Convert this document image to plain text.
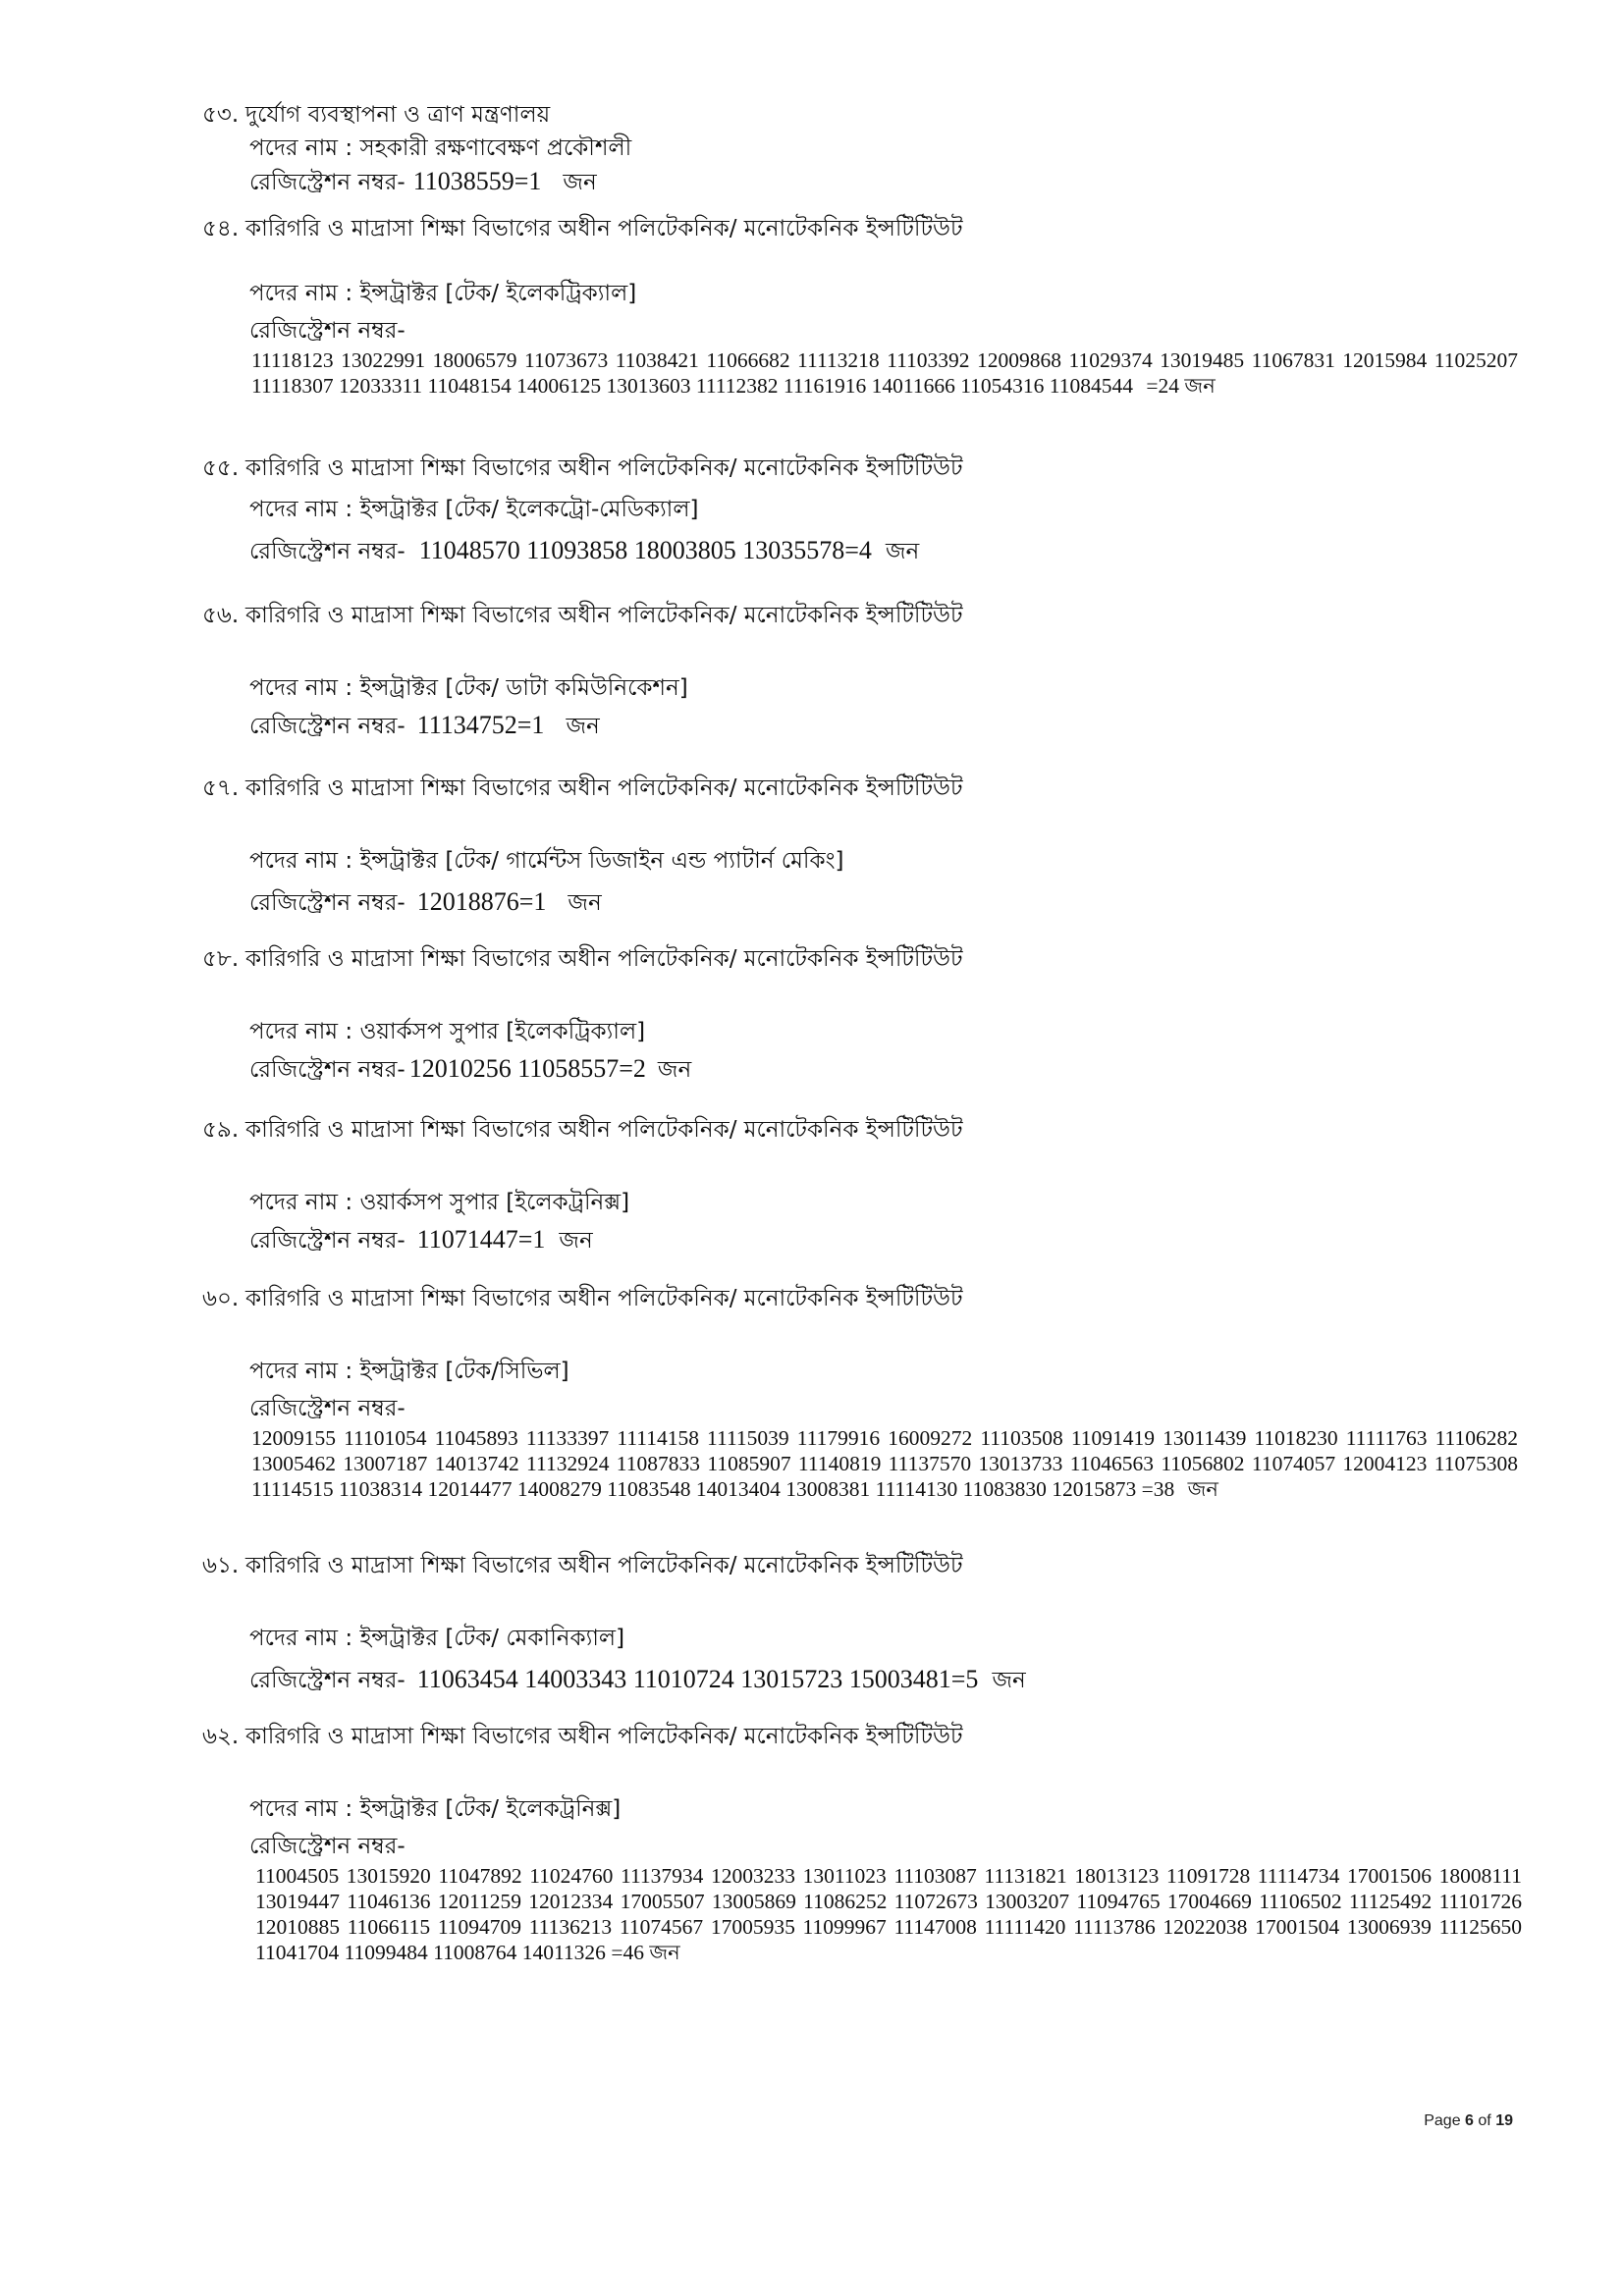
৫৩. দুর্যোগ ব্যবস্থাপনা ও ত্রাণ মন্ত্রণালয়
পদের নাম : সহকারী রক্ষণাবেক্ষণ প্রকৌশলী
রেজিস্ট্রেশন নম্বর- 11038559=1 জন
৫৪. কারিগরি ও মাদ্রাসা শিক্ষা বিভাগের অধীন পলিটেকনিক/ মনোটেকনিক ইন্সটিটিউট
পদের নাম : ইন্সট্রাক্টর [টেক/ ইলেকট্রিক্যাল]
রেজিস্ট্রেশন নম্বর-
11118123 13022991 18006579 11073673 11038421 11066682 11113218 11103392 12009868 11029374 13019485 11067831 12015984 11025207 11118307 12033311 11048154 14006125 13013603 11112382 11161916 14011666 11054316 11084544 =24 জন
৫৫. কারিগরি ও মাদ্রাসা শিক্ষা বিভাগের অধীন পলিটেকনিক/ মনোটেকনিক ইন্সটিটিউট
পদের নাম : ইন্সট্রাক্টর [টেক/ ইলেকট্রো-মেডিক্যাল]
রেজিস্ট্রেশন নম্বর- 11048570 11093858 18003805 13035578=4 জন
৫৬. কারিগরি ও মাদ্রাসা শিক্ষা বিভাগের অধীন পলিটেকনিক/ মনোটেকনিক ইন্সটিটিউট
পদের নাম : ইন্সট্রাক্টর [টেক/ ডাটা কমিউনিকেশন]
রেজিস্ট্রেশন নম্বর- 11134752=1 জন
৫৭. কারিগরি ও মাদ্রাসা শিক্ষা বিভাগের অধীন পলিটেকনিক/ মনোটেকনিক ইন্সটিটিউট
পদের নাম : ইন্সট্রাক্টর [টেক/ গার্মেন্টস ডিজাইন এন্ড প্যাটার্ন মেকিং]
রেজিস্ট্রেশন নম্বর- 12018876=1 জন
৫৮. কারিগরি ও মাদ্রাসা শিক্ষা বিভাগের অধীন পলিটেকনিক/ মনোটেকনিক ইন্সটিটিউট
পদের নাম : ওয়ার্কসপ সুপার [ইলেকট্রিক্যাল]
রেজিস্ট্রেশন নম্বর- 12010256 11058557=2 জন
৫৯. কারিগরি ও মাদ্রাসা শিক্ষা বিভাগের অধীন পলিটেকনিক/ মনোটেকনিক ইন্সটিটিউট
পদের নাম : ওয়ার্কসপ সুপার [ইলেকট্রনিক্স]
রেজিস্ট্রেশন নম্বর- 11071447=1 জন
৬০. কারিগরি ও মাদ্রাসা শিক্ষা বিভাগের অধীন পলিটেকনিক/ মনোটেকনিক ইন্সটিটিউট
পদের নাম : ইন্সট্রাক্টর [টেক/সিভিল]
রেজিস্ট্রেশন নম্বর-
12009155 11101054 11045893 11133397 11114158 11115039 11179916 16009272 11103508 11091419 13011439 11018230 11111763 11106282 13005462 13007187 14013742 11132924 11087833 11085907 11140819 11137570 13013733 11046563 11056802 11074057 12004123 11075308 11114515 11038314 12014477 14008279 11083548 14013404 13008381 11114130 11083830 12015873 =38 জন
৬১. কারিগরি ও মাদ্রাসা শিক্ষা বিভাগের অধীন পলিটেকনিক/ মনোটেকনিক ইন্সটিটিউট
পদের নাম : ইন্সট্রাক্টর [টেক/ মেকানিক্যাল]
রেজিস্ট্রেশন নম্বর- 11063454 14003343 11010724 13015723 15003481=5 জন
৬২. কারিগরি ও মাদ্রাসা শিক্ষা বিভাগের অধীন পলিটেকনিক/ মনোটেকনিক ইন্সটিটিউট
পদের নাম : ইন্সট্রাক্টর [টেক/ ইলেকট্রনিক্স]
রেজিস্ট্রেশন নম্বর-
11004505 13015920 11047892 11024760 11137934 12003233 13011023 11103087 11131821 18013123 11091728 11114734 17001506 18008111 13019447 11046136 12011259 12012334 17005507 13005869 11086252 11072673 13003207 11094765 17004669 11106502 11125492 11101726 12010885 11066115 11094709 11136213 11074567 17005935 11099967 11147008 11111420 11113786 12022038 17001504 13006939 11125650 11041704 11099484 11008764 14011326 =46 জন
Page 6 of 19
